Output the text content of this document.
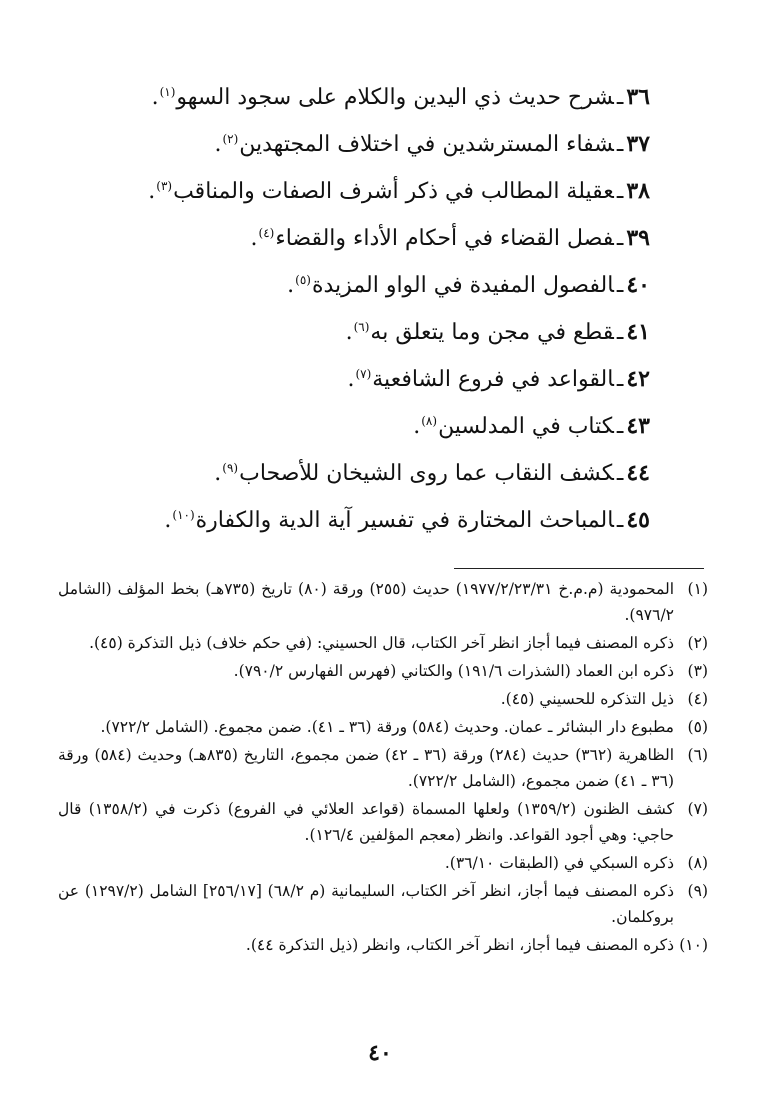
٣٦ـشرح حديث ذي اليدين والكلام على سجود السهو$^{(١)}$.
٣٧ـشفاء المسترشدين في اختلاف المجتهدين$^{(٢)}$.
٣٨ـعقيلة المطالب في ذكر أشرف الصفات والمناقب$^{(٣)}$.
٣٩ـفصل القضاء في أحكام الأداء والقضاء$^{(٤)}$.
٤٠ـالفصول المفيدة في الواو المزيدة$^{(٥)}$.
٤١ـقطع في مجن وما يتعلق به$^{(٦)}$.
٤٢ـالقواعد في فروع الشافعية$^{(٧)}$.
٤٣ـكتاب في المدلسين$^{(٨)}$.
٤٤ـكشف النقاب عما روى الشيخان للأصحاب$^{(٩)}$.
٤٥ـالمباحث المختارة في تفسير آية الدية والكفارة$^{(١٠)}$.
(١)
المحمودية (م.م.خ ١٩٧٧/٢/٢٣/٣١) حديث (٢٥٥) ورقة (٨٠) تاريخ (٧٣٥هـ) بخط المؤلف (الشامل ٩٧٦/٢).
(٢)
ذكره المصنف فيما أجاز انظر آخر الكتاب، قال الحسيني: (في حكم خلاف) ذيل التذكرة (٤٥).
(٣)
ذكره ابن العماد (الشذرات ١٩١/٦) والكتاني (فهرس الفهارس ٧٩٠/٢).
(٤)
ذيل التذكره للحسيني (٤٥).
(٥)
مطبوع دار البشائر ـ عمان. وحديث (٥٨٤) ورقة (٣٦ ـ ٤١). ضمن مجموع. (الشامل ٧٢٢/٢).
(٦)
الظاهرية (٣٦٢) حديث (٢٨٤) ورقة (٣٦ ـ ٤٢) ضمن مجموع، التاريخ (٨٣٥هـ) وحديث (٥٨٤) ورقة (٣٦ ـ ٤١) ضمن مجموع، (الشامل ٧٢٢/٢).
(٧)
كشف الظنون (١٣٥٩/٢) ولعلها المسماة (قواعد العلائي في الفروع) ذكرت في (١٣٥٨/٢) قال حاجي: وهي أجود القواعد. وانظر (معجم المؤلفين ١٢٦/٤).
(٨)
ذكره السبكي في (الطبقات ٣٦/١٠).
(٩)
ذكره المصنف فيما أجاز، انظر آخر الكتاب، السليمانية (م ٦٨/٢) [٢٥٦/١٧] الشامل (١٢٩٧/٢) عن بروكلمان.
(١٠)
ذكره المصنف فيما أجاز، انظر آخر الكتاب، وانظر (ذيل التذكرة ٤٤).
٤٠
